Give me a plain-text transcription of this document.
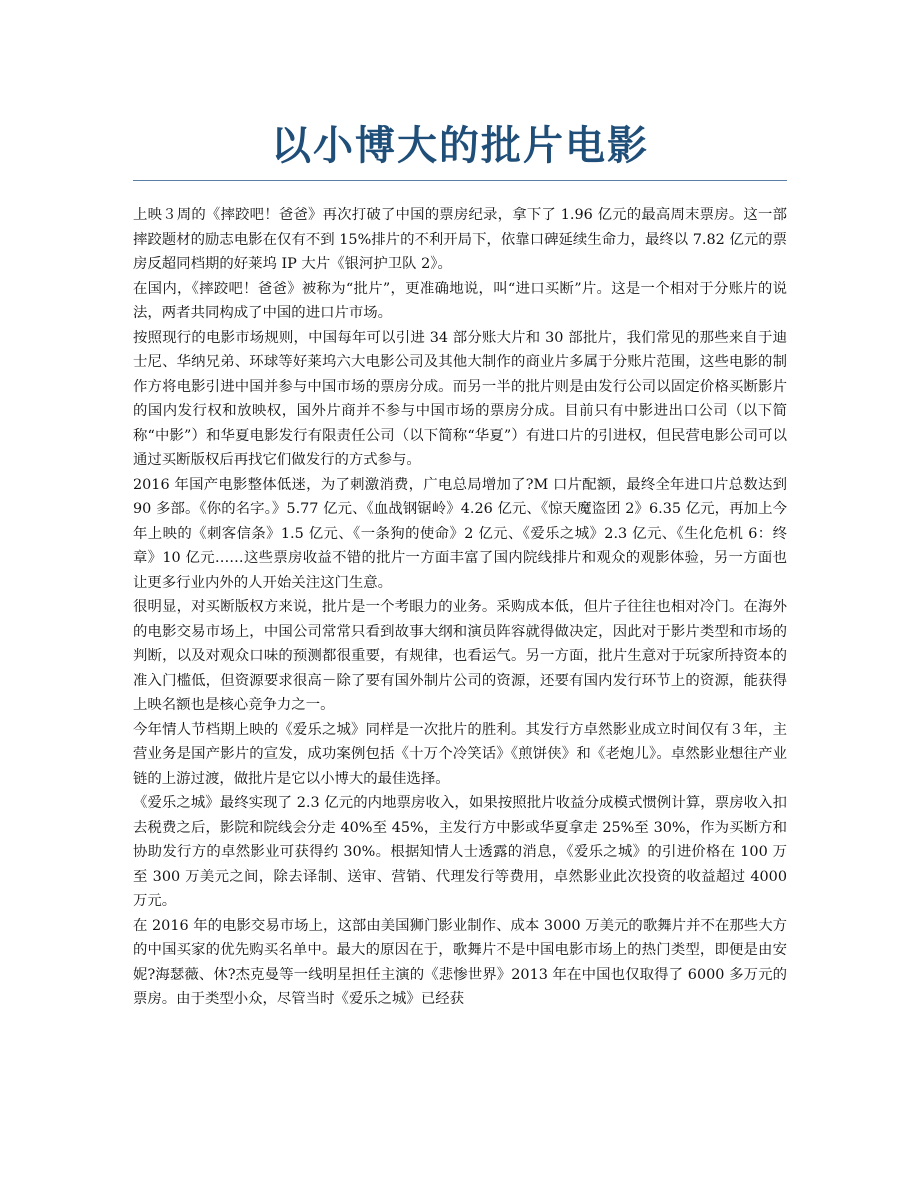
以小博大的批片电影

上映３周的《摔跤吧！爸爸》再次打破了中国的票房纪录，拿下了 1.96 亿元的最高周末票房。这一部摔跤题材的励志电影在仅有不到 15%排片的不利开局下，依靠口碑延续生命力，最终以 7.82 亿元的票房反超同档期的好莱坞 IP 大片《银河护卫队 2》。

在国内，《摔跤吧！爸爸》被称为“批片”，更准确地说，叫“进口买断”片。这是一个相对于分账片的说法，两者共同构成了中国的进口片市场。

按照现行的电影市场规则，中国每年可以引进 34 部分账大片和 30 部批片，我们常见的那些来自于迪士尼、华纳兄弟、环球等好莱坞六大电影公司及其他大制作的商业片多属于分账片范围，这些电影的制作方将电影引进中国并参与中国市场的票房分成。而另一半的批片则是由发行公司以固定价格买断影片的国内发行权和放映权，国外片商并不参与中国市场的票房分成。目前只有中影进出口公司（以下简称“中影”）和华夏电影发行有限责任公司（以下简称“华夏”）有进口片的引进权，但民营电影公司可以通过买断版权后再找它们做发行的方式参与。

2016 年国产电影整体低迷，为了刺激消费，广电总局增加了?M 口片配额，最终全年进口片总数达到 90 多部。《你的名字。》5.77 亿元、《血战钢锯岭》4.26 亿元、《惊天魔盗团 2》6.35 亿元，再加上今年上映的《刺客信条》1.5 亿元、《一条狗的使命》2 亿元、《爱乐之城》2.3 亿元、《生化危机 6：终章》10 亿元……这些票房收益不错的批片一方面丰富了国内院线排片和观众的观影体验，另一方面也让更多行业内外的人开始关注这门生意。

很明显，对买断版权方来说，批片是一个考眼力的业务。采购成本低，但片子往往也相对冷门。在海外的电影交易市场上，中国公司常常只看到故事大纲和演员阵容就得做决定，因此对于影片类型和市场的判断，以及对观众口味的预测都很重要，有规律，也看运气。另一方面，批片生意对于玩家所持资本的准入门槛低，但资源要求很高－除了要有国外制片公司的资源，还要有国内发行环节上的资源，能获得上映名额也是核心竞争力之一。

今年情人节档期上映的《爱乐之城》同样是一次批片的胜利。其发行方卓然影业成立时间仅有３年，主营业务是国产影片的宣发，成功案例包括《十万个冷笑话》《煎饼侠》和《老炮儿》。卓然影业想往产业链的上游过渡，做批片是它以小博大的最佳选择。

《爱乐之城》最终实现了 2.3 亿元的内地票房收入，如果按照批片收益分成模式惯例计算，票房收入扣去税费之后，影院和院线会分走 40%至 45%，主发行方中影或华夏拿走 25%至 30%，作为买断方和协助发行方的卓然影业可获得约 30%。根据知情人士透露的消息，《爱乐之城》的引进价格在 100 万至 300 万美元之间，除去译制、送审、营销、代理发行等费用，卓然影业此次投资的收益超过 4000 万元。

在 2016 年的电影交易市场上，这部由美国狮门影业制作、成本 3000 万美元的歌舞片并不在那些大方的中国买家的优先购买名单中。最大的原因在于，歌舞片不是中国电影市场上的热门类型，即便是由安妮?海瑟薇、休?杰克曼等一线明星担任主演的《悲惨世界》2013 年在中国也仅取得了 6000 多万元的票房。由于类型小众，尽管当时《爱乐之城》已经获
